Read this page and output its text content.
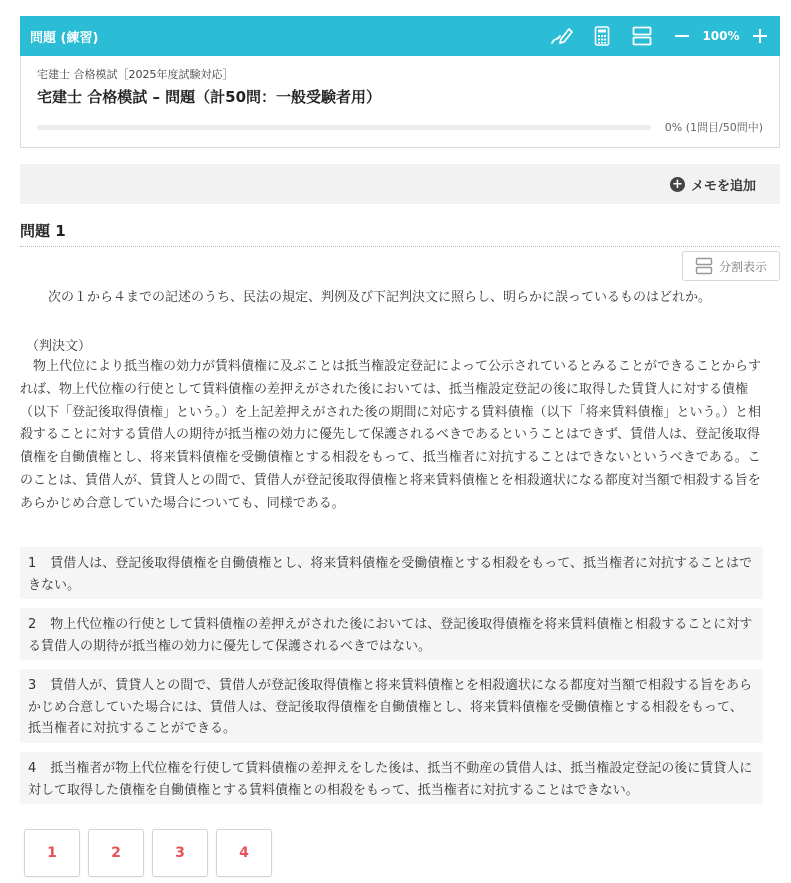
問題 (練習)	100%
宅建士 合格模試［2025年度試験対応］
宅建士 合格模試 – 問題（計50問：一般受験者用）
0% (1問目/50問中)
+ メモを追加
問題 1
分割表示
次の１から４までの記述のうち、民法の規定、判例及び下記判決文に照らし、明らかに誤っているものはどれか。
（判決文）
物上代位により抵当権の効力が賃料債権に及ぶことは抵当権設定登記によって公示されているとみることができることからすれば、物上代位権の行使として賃料債権の差押えがされた後においては、抵当権設定登記の後に取得した賃貸人に対する債権（以下「登記後取得債権」という。）を上記差押えがされた後の期間に対応する賃料債権（以下「将来賃料債権」という。）と相殺することに対する賃借人の期待が抵当権の効力に優先して保護されるべきであるということはできず、賃借人は、登記後取得債権を自働債権とし、将来賃料債権を受働債権とする相殺をもって、抵当権者に対抗することはできないというべきである。このことは、賃借人が、賃貸人との間で、賃借人が登記後取得債権と将来賃料債権とを相殺適状になる都度対当額で相殺する旨をあらかじめ合意していた場合についても、同様である。
1 賃借人は、登記後取得債権を自働債権とし、将来賃料債権を受働債権とする相殺をもって、抵当権者に対抗することはできない。
2 物上代位権の行使として賃料債権の差押えがされた後においては、登記後取得債権を将来賃料債権と相殺することに対する賃借人の期待が抵当権の効力に優先して保護されるべきではない。
3 賃借人が、賃貸人との間で、賃借人が登記後取得債権と将来賃料債権とを相殺適状になる都度対当額で相殺する旨をあらかじめ合意していた場合には、賃借人は、登記後取得債権を自働債権とし、将来賃料債権を受働債権とする相殺をもって、抵当権者に対抗することができる。
4 抵当権者が物上代位権を行使して賃料債権の差押えをした後は、抵当不動産の賃借人は、抵当権設定登記の後に賃貸人に対して取得した債権を自働債権とする賃料債権との相殺をもって、抵当権者に対抗することはできない。
1	2	3	4
